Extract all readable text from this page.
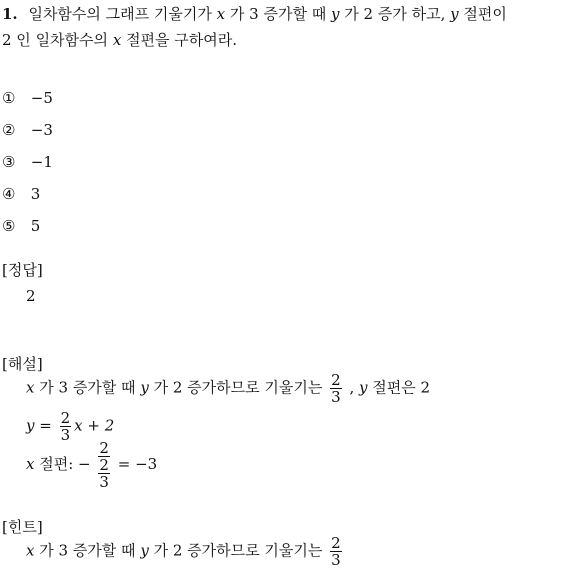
1. 일차함수의 그래프 기울기가 x 가 3 증가할 때 y 가 2 증가 하고, y 절편이

2 인 일차함수의 x 절편을 구하여라.

① −5
② −3
③ −1
④ 3
⑤ 5
[정답]
2
[해설]
x 가 3 증가할 때 y 가 2 증가하므로 기울기는 $\frac{2}{3}$ , y 절편은 2
$y = \frac{2}{3}$ x + 2
x 절편: − $\frac{2}{\frac{2}{3}} = -3$
[힌트]
x 가 3 증가할 때 y 가 2 증가하므로 기울기는 $\frac{2}{3}$
